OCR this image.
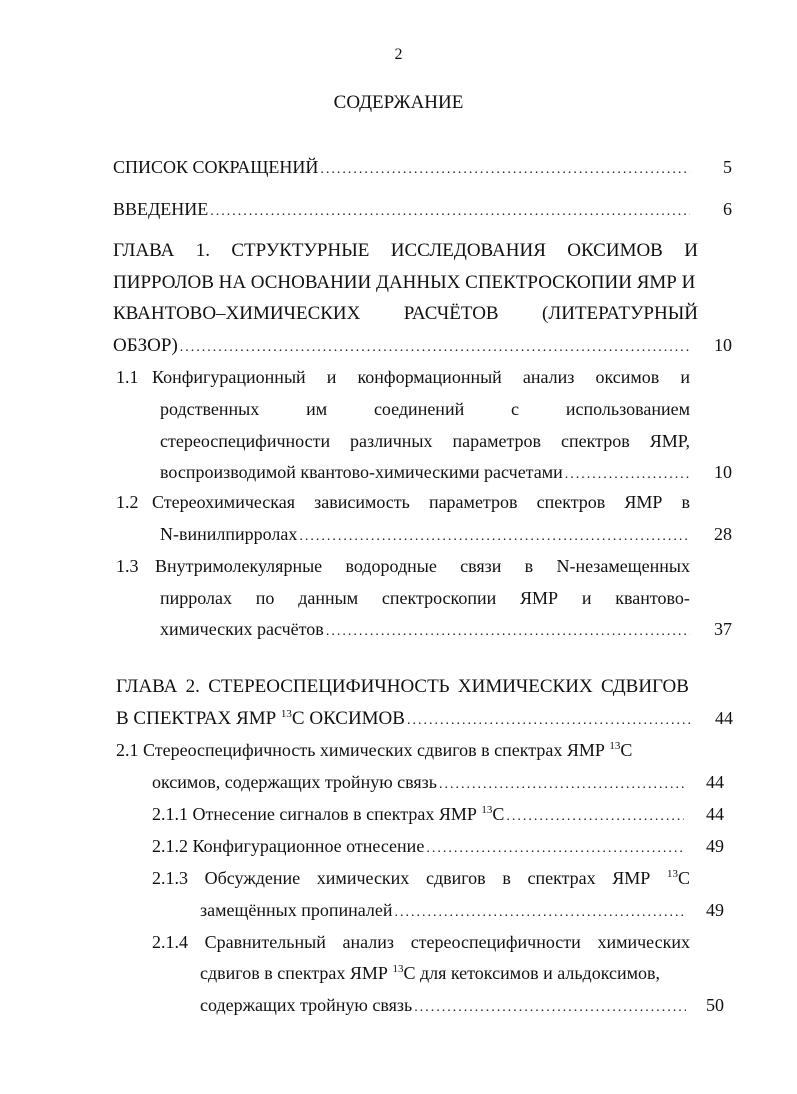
2
СОДЕРЖАНИЕ
СПИСОК СОКРАЩЕНИЙ .....	5
ВВЕДЕНИЕ .....	6
ГЛАВА 1. СТРУКТУРНЫЕ ИССЛЕДОВАНИЯ ОКСИМОВ И
ПИРРОЛОВ НА ОСНОВАНИИ ДАННЫХ СПЕКТРОСКОПИИ ЯМР И
КВАНТОВО–ХИМИЧЕСКИХ РАСЧЁТОВ (ЛИТЕРАТУРНЫЙ
ОБЗОР) .....	10
1.1 Конфигурационный и конформационный анализ оксимов и
родственных	им	соединений	с	использованием
стереоспецифичности различных параметров спектров ЯМР,
воспроизводимой квантово-химическими расчетами .....	10
1.2 Стереохимическая зависимость параметров спектров ЯМР в
N-винилпирролах .....	28
1.3 Внутримолекулярные водородные связи в N-незамещенных
пирролах по данным спектроскопии ЯМР и квантово-
химических расчётов .....	37
ГЛАВА 2. СТЕРЕОСПЕЦИФИЧНОСТЬ ХИМИЧЕСКИХ СДВИГОВ
В СПЕКТРАХ ЯМР $^{13}$С ОКСИМОВ .....	44
2.1 Стереоспецифичность химических сдвигов в спектрах ЯМР $^{13}$С
оксимов, содержащих тройную связь .....	44
2.1.1 Отнесение сигналов в спектрах ЯМР $^{13}$С .....	44
2.1.2 Конфигурационное отнесение .....	49
2.1.3 Обсуждение химических сдвигов в спектрах ЯМР $^{13}$С
замещённых пропиналей .....	49
2.1.4 Сравнительный анализ стереоспецифичности химических
сдвигов в спектрах ЯМР $^{13}$С для кетоксимов и альдоксимов,
содержащих тройную связь .....	50
